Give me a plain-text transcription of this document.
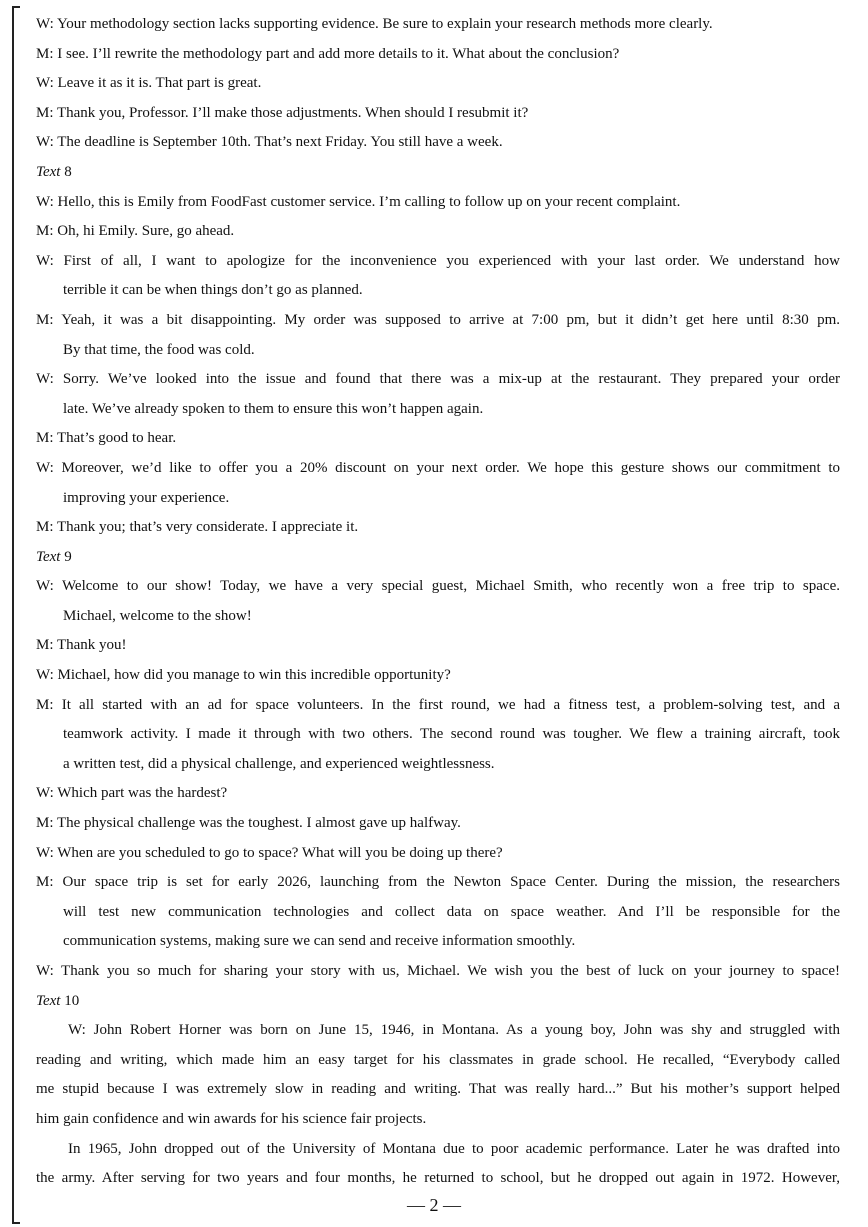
W: Your methodology section lacks supporting evidence. Be sure to explain your research methods more clearly.
M: I see. I’ll rewrite the methodology part and add more details to it. What about the conclusion?
W: Leave it as it is. That part is great.
M: Thank you, Professor. I’ll make those adjustments. When should I resubmit it?
W: The deadline is September 10th. That’s next Friday. You still have a week.
Text 8
W: Hello, this is Emily from FoodFast customer service. I’m calling to follow up on your recent complaint.
M: Oh, hi Emily. Sure, go ahead.
W: First of all, I want to apologize for the inconvenience you experienced with your last order. We understand how
terrible it can be when things don’t go as planned.
M: Yeah, it was a bit disappointing. My order was supposed to arrive at 7:00 pm, but it didn’t get here until 8:30 pm.
By that time, the food was cold.
W: Sorry. We’ve looked into the issue and found that there was a mix-up at the restaurant. They prepared your order
late. We’ve already spoken to them to ensure this won’t happen again.
M: That’s good to hear.
W: Moreover, we’d like to offer you a 20% discount on your next order. We hope this gesture shows our commitment to
improving your experience.
M: Thank you; that’s very considerate. I appreciate it.
Text 9
W: Welcome to our show! Today, we have a very special guest, Michael Smith, who recently won a free trip to space.
Michael, welcome to the show!
M: Thank you!
W: Michael, how did you manage to win this incredible opportunity?
M: It all started with an ad for space volunteers. In the first round, we had a fitness test, a problem-solving test, and a
teamwork activity. I made it through with two others. The second round was tougher. We flew a training aircraft, took
a written test, did a physical challenge, and experienced weightlessness.
W: Which part was the hardest?
M: The physical challenge was the toughest. I almost gave up halfway.
W: When are you scheduled to go to space? What will you be doing up there?
M: Our space trip is set for early 2026, launching from the Newton Space Center. During the mission, the researchers
will test new communication technologies and collect data on space weather. And I’ll be responsible for the
communication systems, making sure we can send and receive information smoothly.
W: Thank you so much for sharing your story with us, Michael. We wish you the best of luck on your journey to space!
Text 10
W: John Robert Horner was born on June 15, 1946, in Montana. As a young boy, John was shy and struggled with
reading and writing, which made him an easy target for his classmates in grade school. He recalled, “Everybody called
me stupid because I was extremely slow in reading and writing. That was really hard...” But his mother’s support helped
him gain confidence and win awards for his science fair projects.
In 1965, John dropped out of the University of Montana due to poor academic performance. Later he was drafted into
the army. After serving for two years and four months, he returned to school, but he dropped out again in 1972. However,
— 2 —
